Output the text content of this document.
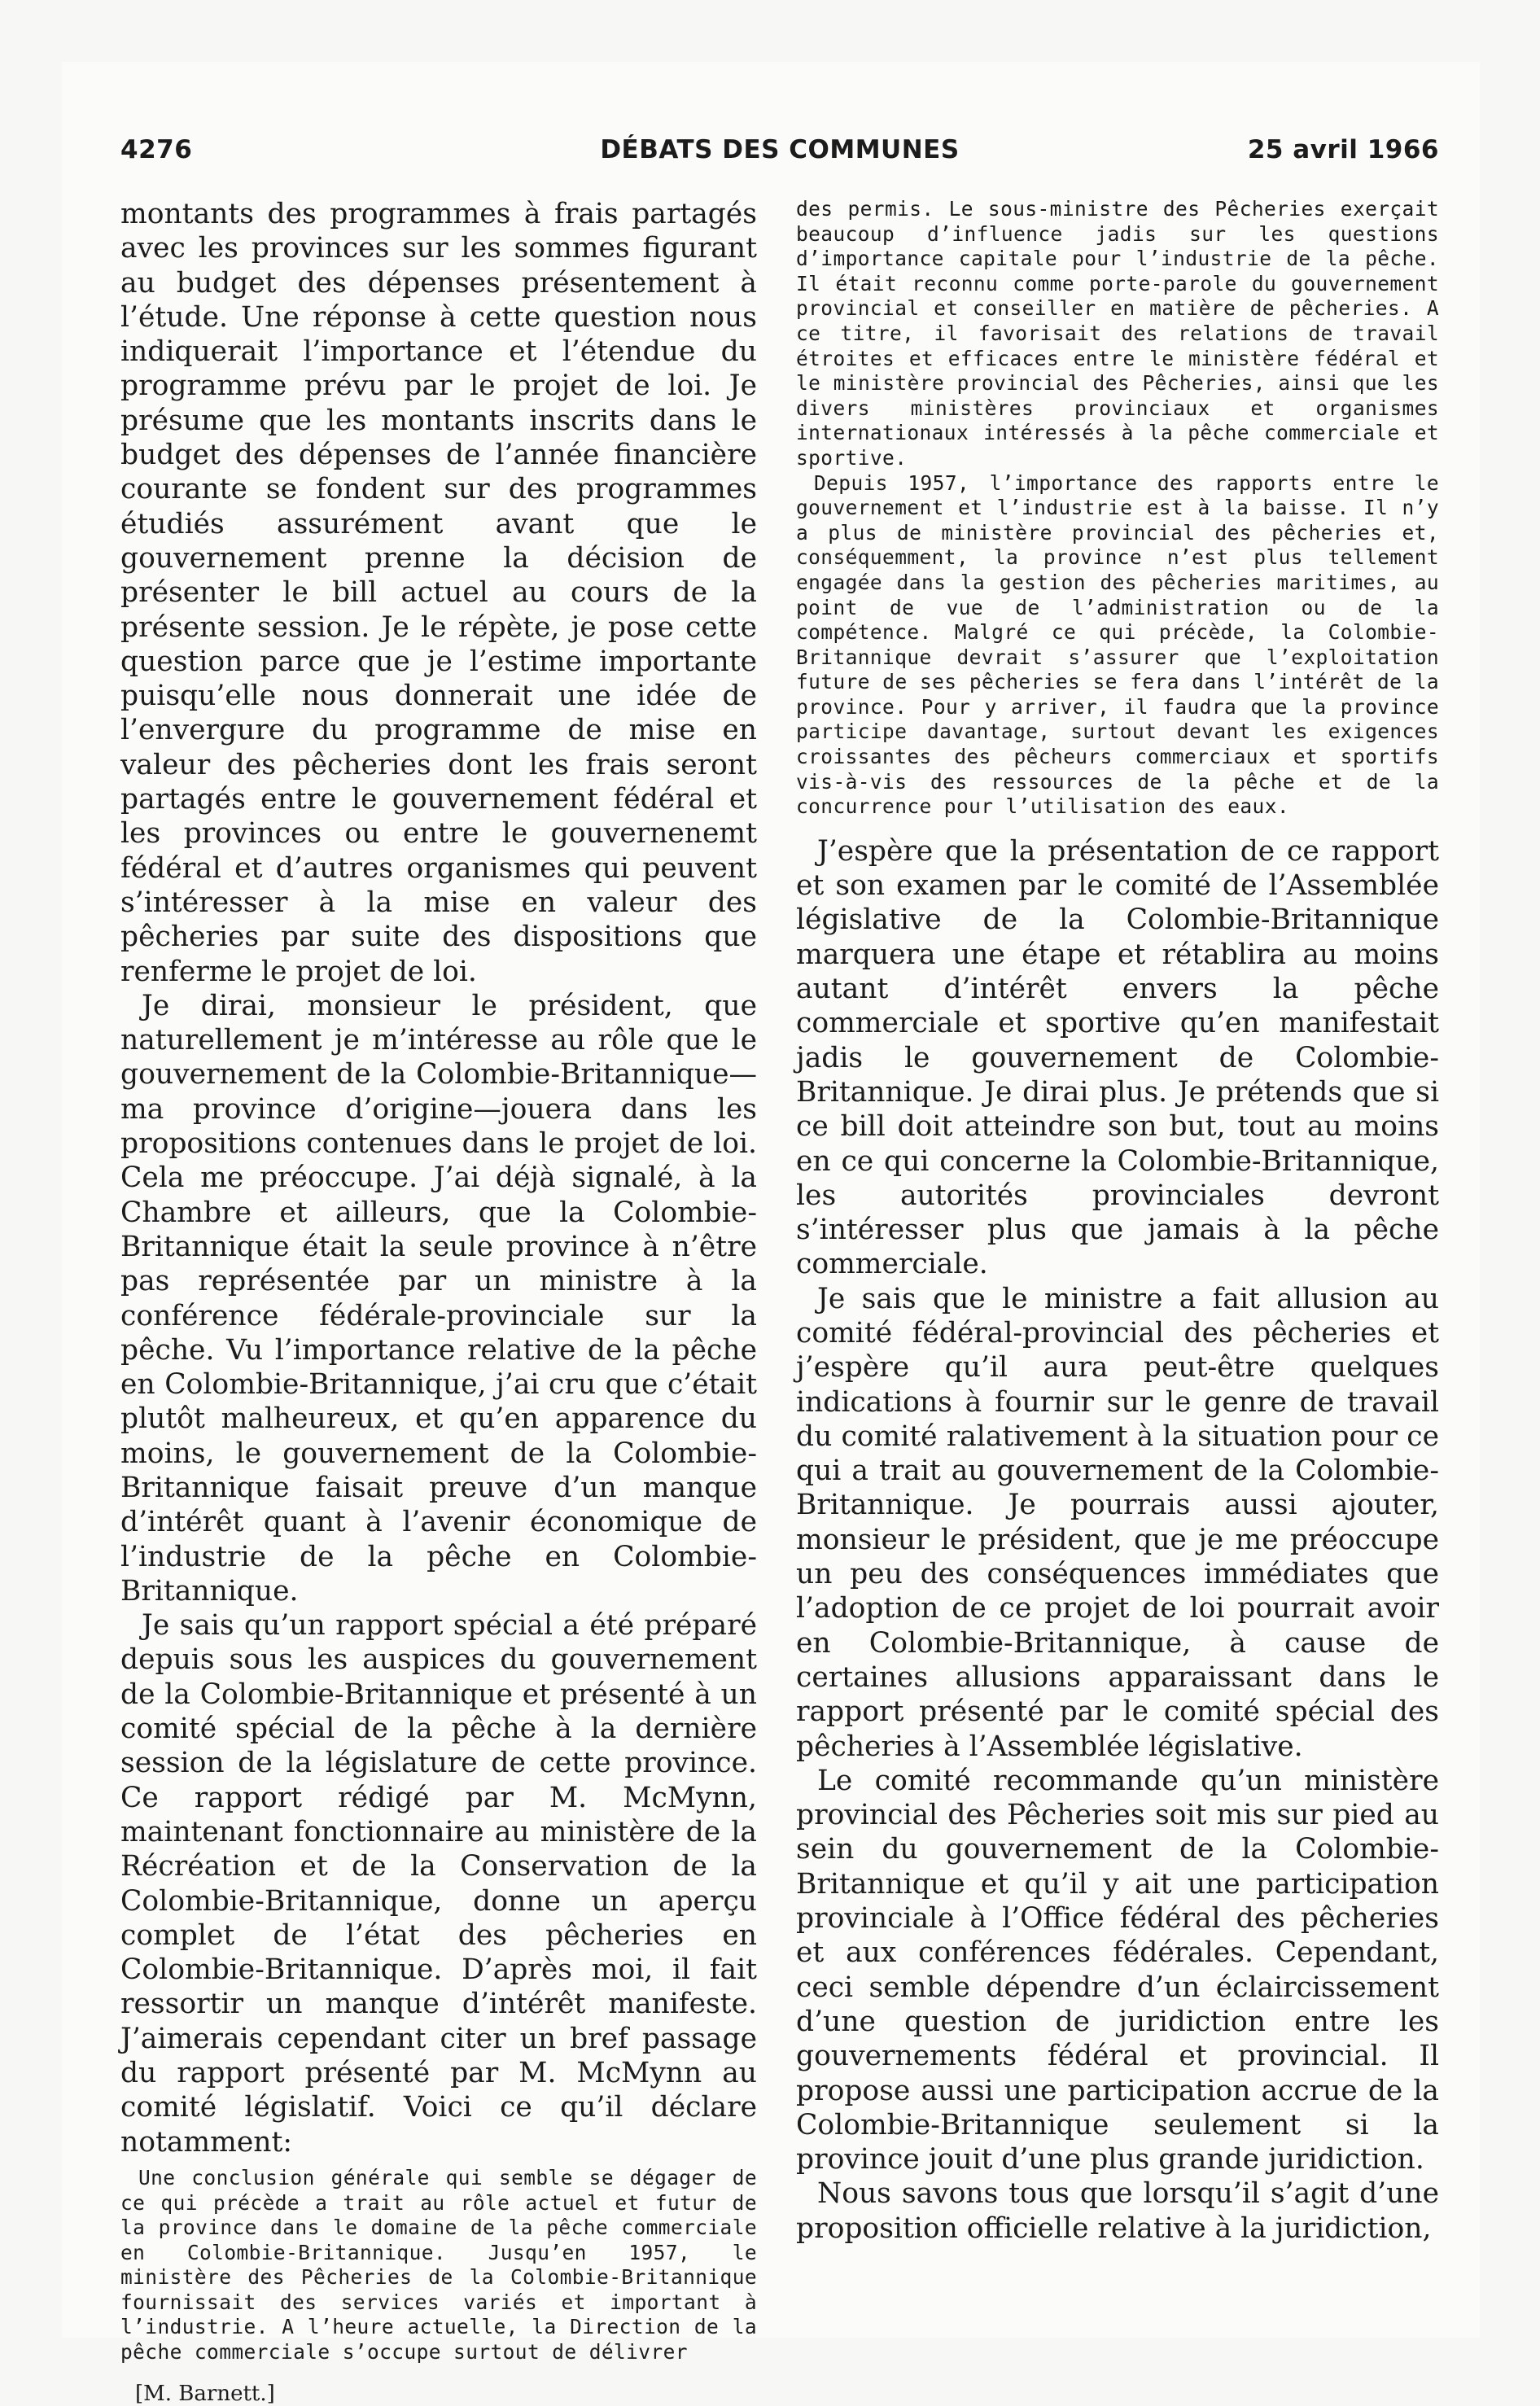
4276	DÉBATS DES COMMUNES	25 avril 1966

montants des programmes à frais partagés avec les provinces sur les sommes figurant au budget des dépenses présentement à l’étude. Une réponse à cette question nous indiquerait l’importance et l’étendue du programme prévu par le projet de loi. Je présume que les montants inscrits dans le budget des dépenses de l’année financière courante se fondent sur des programmes étudiés assurément avant que le gouvernement prenne la décision de présenter le bill actuel au cours de la présente session. Je le répète, je pose cette question parce que je l’estime importante puisqu’elle nous donnerait une idée de l’envergure du programme de mise en valeur des pêcheries dont les frais seront partagés entre le gouvernement fédéral et les provinces ou entre le gouvernenemt fédéral et d’autres organismes qui peuvent s’intéresser à la mise en valeur des pêcheries par suite des dispositions que renferme le projet de loi.

Je dirai, monsieur le président, que naturellement je m’intéresse au rôle que le gouvernement de la Colombie-Britannique—ma province d’origine—jouera dans les propositions contenues dans le projet de loi. Cela me préoccupe. J’ai déjà signalé, à la Chambre et ailleurs, que la Colombie-Britannique était la seule province à n’être pas représentée par un ministre à la conférence fédérale-provinciale sur la pêche. Vu l’importance relative de la pêche en Colombie-Britannique, j’ai cru que c’était plutôt malheureux, et qu’en apparence du moins, le gouvernement de la Colombie-Britannique faisait preuve d’un manque d’intérêt quant à l’avenir économique de l’industrie de la pêche en Colombie-Britannique.

Je sais qu’un rapport spécial a été préparé depuis sous les auspices du gouvernement de la Colombie-Britannique et présenté à un comité spécial de la pêche à la dernière session de la législature de cette province. Ce rapport rédigé par M. McMynn, maintenant fonctionnaire au ministère de la Récréation et de la Conservation de la Colombie-Britannique, donne un aperçu complet de l’état des pêcheries en Colombie-Britannique. D’après moi, il fait ressortir un manque d’intérêt manifeste. J’aimerais cependant citer un bref passage du rapport présenté par M. McMynn au comité législatif. Voici ce qu’il déclare notamment:

Une conclusion générale qui semble se dégager de ce qui précède a trait au rôle actuel et futur de la province dans le domaine de la pêche commerciale en Colombie-Britannique. Jusqu’en 1957, le ministère des Pêcheries de la Colombie-Britannique fournissait des services variés et important à l’industrie. A l’heure actuelle, la Direction de la pêche commerciale s’occupe surtout de délivrer

[M. Barnett.]

des permis. Le sous-ministre des Pêcheries exerçait beaucoup d’influence jadis sur les questions d’importance capitale pour l’industrie de la pêche. Il était reconnu comme porte-parole du gouvernement provincial et conseiller en matière de pêcheries. A ce titre, il favorisait des relations de travail étroites et efficaces entre le ministère fédéral et le ministère provincial des Pêcheries, ainsi que les divers ministères provinciaux et organismes internationaux intéressés à la pêche commerciale et sportive.

Depuis 1957, l’importance des rapports entre le gouvernement et l’industrie est à la baisse. Il n’y a plus de ministère provincial des pêcheries et, conséquemment, la province n’est plus tellement engagée dans la gestion des pêcheries maritimes, au point de vue de l’administration ou de la compétence. Malgré ce qui précède, la Colombie-Britannique devrait s’assurer que l’exploitation future de ses pêcheries se fera dans l’intérêt de la province. Pour y arriver, il faudra que la province participe davantage, surtout devant les exigences croissantes des pêcheurs commerciaux et sportifs vis-à-vis des ressources de la pêche et de la concurrence pour l’utilisation des eaux.

J’espère que la présentation de ce rapport et son examen par le comité de l’Assemblée législative de la Colombie-Britannique marquera une étape et rétablira au moins autant d’intérêt envers la pêche commerciale et sportive qu’en manifestait jadis le gouvernement de Colombie-Britannique. Je dirai plus. Je prétends que si ce bill doit atteindre son but, tout au moins en ce qui concerne la Colombie-Britannique, les autorités provinciales devront s’intéresser plus que jamais à la pêche commerciale.

Je sais que le ministre a fait allusion au comité fédéral-provincial des pêcheries et j’espère qu’il aura peut-être quelques indications à fournir sur le genre de travail du comité ralativement à la situation pour ce qui a trait au gouvernement de la Colombie-Britannique. Je pourrais aussi ajouter, monsieur le président, que je me préoccupe un peu des conséquences immédiates que l’adoption de ce projet de loi pourrait avoir en Colombie-Britannique, à cause de certaines allusions apparaissant dans le rapport présenté par le comité spécial des pêcheries à l’Assemblée législative.

Le comité recommande qu’un ministère provincial des Pêcheries soit mis sur pied au sein du gouvernement de la Colombie-Britannique et qu’il y ait une participation provinciale à l’Office fédéral des pêcheries et aux conférences fédérales. Cependant, ceci semble dépendre d’un éclaircissement d’une question de juridiction entre les gouvernements fédéral et provincial. Il propose aussi une participation accrue de la Colombie-Britannique seulement si la province jouit d’une plus grande juridiction.

Nous savons tous que lorsqu’il s’agit d’une proposition officielle relative à la juridiction,
